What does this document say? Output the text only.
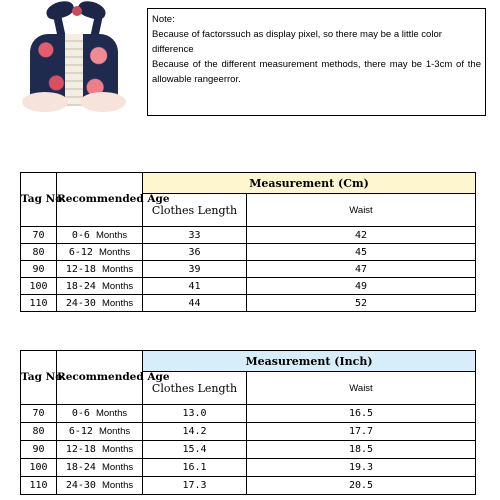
Note:

Because of factorssuch as display pixel, so there may be a little color difference

Because of the different measurement methods, there may be 1-3cm of the allowable rangeerror.

Tag No.	Recommended Age	Measurement (Cm)	
		Clothes Length	Waist
70	0-6 Months	33	42
80	6-12 Months	36	45
90	12-18 Months	39	47
100	18-24 Months	41	49
110	24-30 Months	44	52
Tag No.	Recommended Age	Measurement (Inch)	
		Clothes Length	Waist
70	0-6 Months	13.0	16.5
80	6-12 Months	14.2	17.7
90	12-18 Months	15.4	18.5
100	18-24 Months	16.1	19.3
110	24-30 Months	17.3	20.5
